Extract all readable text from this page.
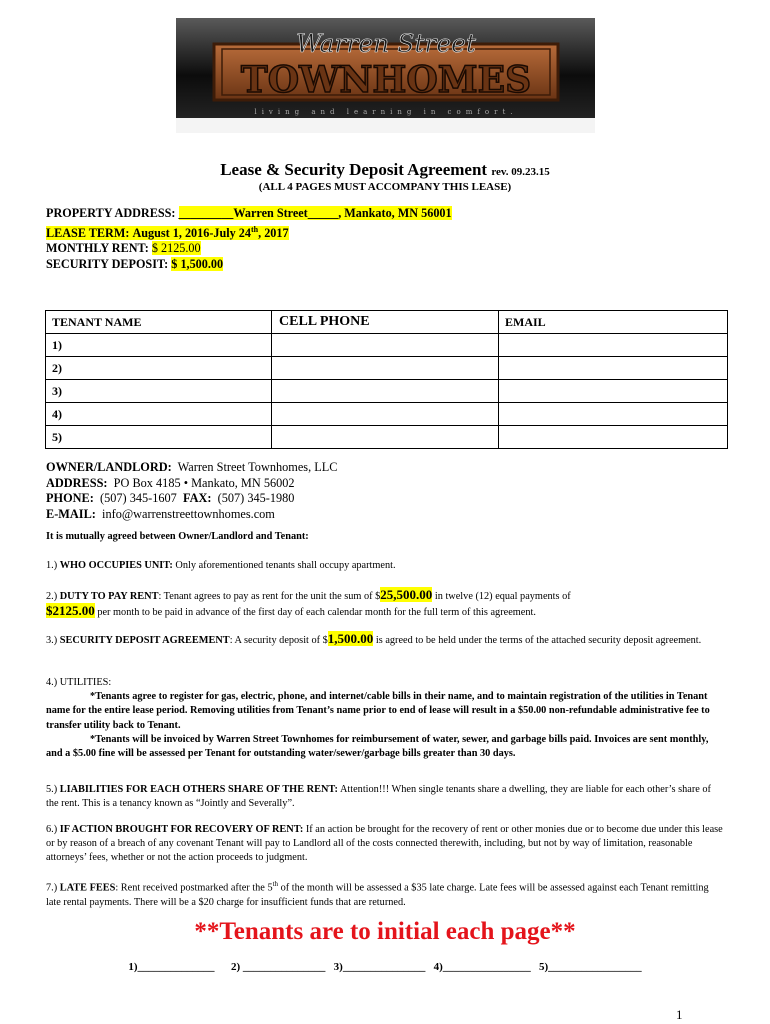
Warren Street
TOWNHOMES
living and learning in comfort.
Lease & Security Deposit Agreement rev. 09.23.15
(ALL 4 PAGES MUST ACCOMPANY THIS LEASE)
PROPERTY ADDRESS: _________Warren Street_____, Mankato, MN 56001
LEASE TERM: August 1, 2016-July 24th, 2017
MONTHLY RENT: $ 2125.00
SECURITY DEPOSIT: $ 1,500.00
TENANT NAME	CELL PHONE	EMAIL
1)		
2)		
3)		
4)		
5)		
OWNER/LANDLORD: Warren Street Townhomes, LLC
ADDRESS: PO Box 4185 • Mankato, MN 56002
PHONE: (507) 345-1607 FAX: (507) 345-1980
E-MAIL: info@warrenstreettownhomes.com
It is mutually agreed between Owner/Landlord and Tenant:
1.) WHO OCCUPIES UNIT: Only aforementioned tenants shall occupy apartment.
2.) DUTY TO PAY RENT: Tenant agrees to pay as rent for the unit the sum of $25,500.00 in twelve (12) equal payments of
$2125.00 per month to be paid in advance of the first day of each calendar month for the full term of this agreement.
3.) SECURITY DEPOSIT AGREEMENT: A security deposit of $1,500.00 is agreed to be held under the terms of the attached security deposit agreement.
4.) UTILITIES:
*Tenants agree to register for gas, electric, phone, and internet/cable bills in their name, and to maintain registration of the utilities in Tenant name for the entire lease period. Removing utilities from Tenant’s name prior to end of lease will result in a $50.00 non-refundable administrative fee to transfer utility back to Tenant.
*Tenants will be invoiced by Warren Street Townhomes for reimbursement of water, sewer, and garbage bills paid. Invoices are sent monthly, and a $5.00 fine will be assessed per Tenant for outstanding water/sewer/garbage bills greater than 30 days.
5.) LIABILITIES FOR EACH OTHERS SHARE OF THE RENT: Attention!!! When single tenants share a dwelling, they are liable for each other’s share of the rent. This is a tenancy known as “Jointly and Severally”.
6.) IF ACTION BROUGHT FOR RECOVERY OF RENT: If an action be brought for the recovery of rent or other monies due or to become due under this lease or by reason of a breach of any covenant Tenant will pay to Landlord all of the costs connected therewith, including, but not by way of limitation, reasonable attorneys’ fees, whether or not the action proceeds to judgment.
7.) LATE FEES: Rent received postmarked after the 5th of the month will be assessed a $35 late charge. Late fees will be assessed against each Tenant remitting late rental payments. There will be a $20 charge for insufficient funds that are returned.
**Tenants are to initial each page**
1)______________ 2) _______________ 3)_______________ 4)________________ 5)_________________
1
